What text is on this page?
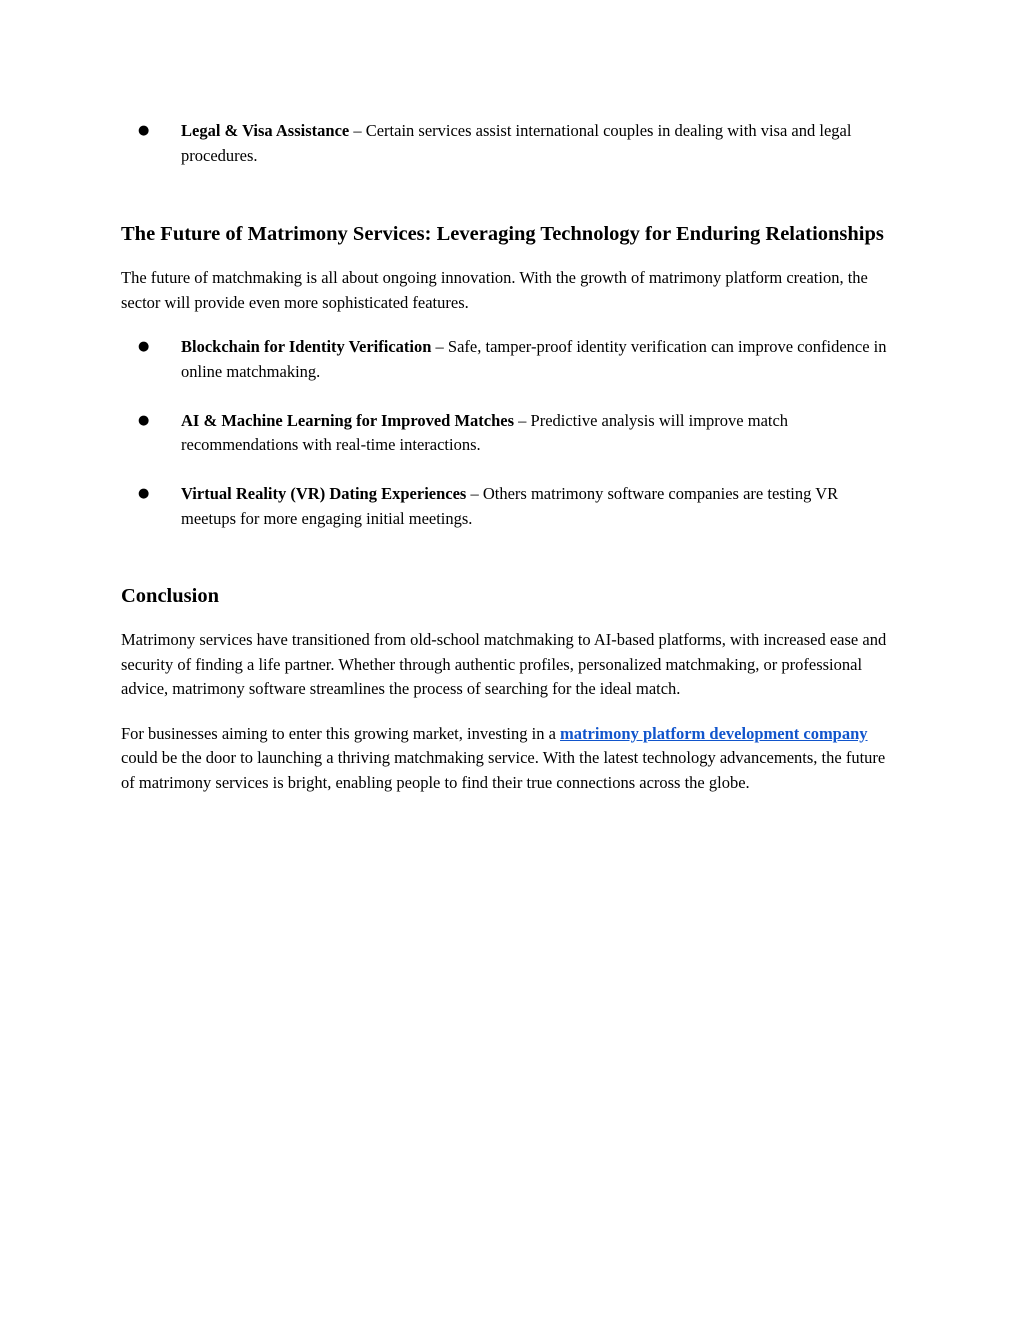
● Legal & Visa Assistance – Certain services assist international couples in dealing with visa and legal procedures.
The Future of Matrimony Services: Leveraging Technology for Enduring Relationships

The future of matchmaking is all about ongoing innovation. With the growth of matrimony platform creation, the sector will provide even more sophisticated features.

● Blockchain for Identity Verification – Safe, tamper-proof identity verification can improve confidence in online matchmaking.
● AI & Machine Learning for Improved Matches – Predictive analysis will improve match recommendations with real-time interactions.
● Virtual Reality (VR) Dating Experiences – Others matrimony software companies are testing VR meetups for more engaging initial meetings.
Conclusion

Matrimony services have transitioned from old-school matchmaking to AI-based platforms, with increased ease and security of finding a life partner. Whether through authentic profiles, personalized matchmaking, or professional advice, matrimony software streamlines the process of searching for the ideal match.

For businesses aiming to enter this growing market, investing in a matrimony platform development company could be the door to launching a thriving matchmaking service. With the latest technology advancements, the future of matrimony services is bright, enabling people to find their true connections across the globe.
